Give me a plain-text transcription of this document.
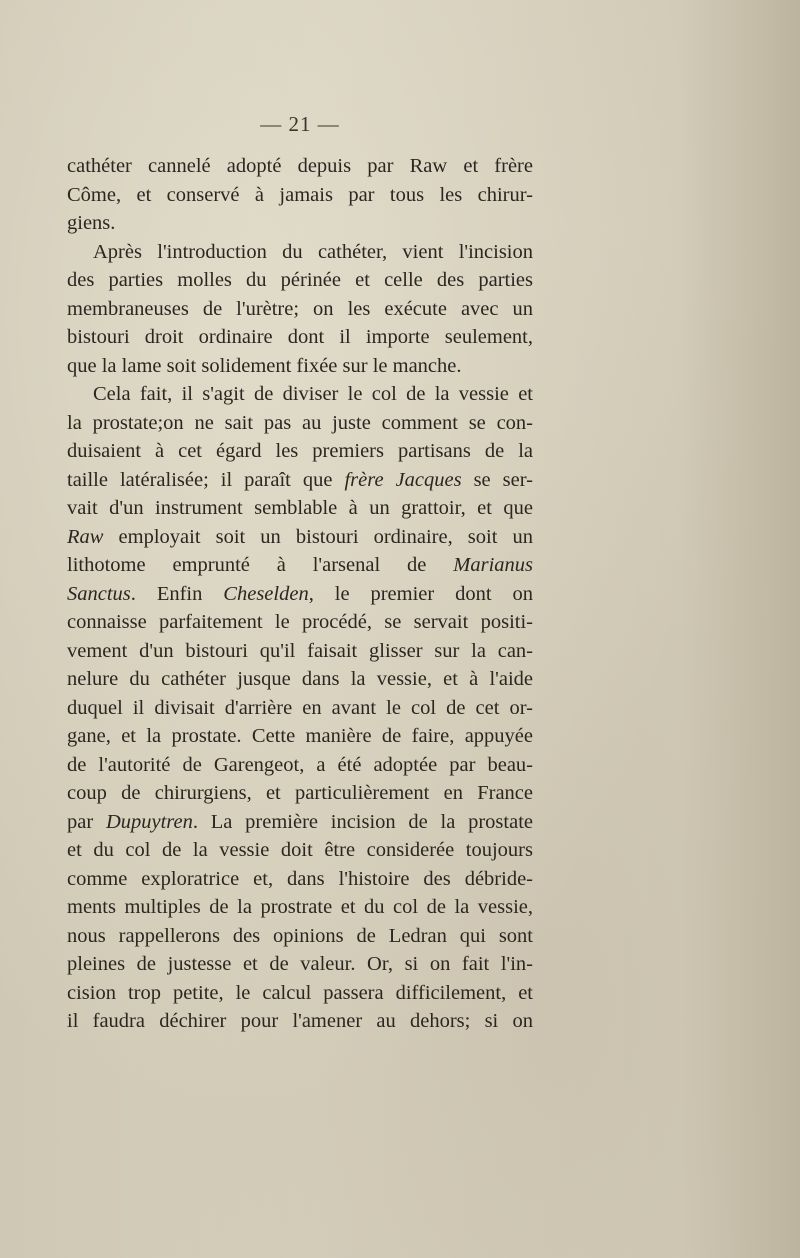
— 21 —
cathéter cannelé adopté depuis par Raw et frère
Côme, et conservé à jamais par tous les chirur-
giens.
Après l'introduction du cathéter, vient l'incision
des parties molles du périnée et celle des parties
membraneuses de l'urètre; on les exécute avec un
bistouri droit ordinaire dont il importe seulement,
que la lame soit solidement fixée sur le manche.
Cela fait, il s'agit de diviser le col de la vessie et
la prostate;on ne sait pas au juste comment se con-
duisaient à cet égard les premiers partisans de la
taille latéralisée; il paraît que frère Jacques se ser-
vait d'un instrument semblable à un grattoir, et que
Raw employait soit un bistouri ordinaire, soit un
lithotome emprunté à l'arsenal de Marianus
Sanctus. Enfin Cheselden, le premier dont on
connaisse parfaitement le procédé, se servait positi-
vement d'un bistouri qu'il faisait glisser sur la can-
nelure du cathéter jusque dans la vessie, et à l'aide
duquel il divisait d'arrière en avant le col de cet or-
gane, et la prostate. Cette manière de faire, appuyée
de l'autorité de Garengeot, a été adoptée par beau-
coup de chirurgiens, et particulièrement en France
par Dupuytren. La première incision de la prostate
et du col de la vessie doit être considerée toujours
comme exploratrice et, dans l'histoire des débride-
ments multiples de la prostrate et du col de la vessie,
nous rappellerons des opinions de Ledran qui sont
pleines de justesse et de valeur. Or, si on fait l'in-
cision trop petite, le calcul passera difficilement, et
il faudra déchirer pour l'amener au dehors; si on
